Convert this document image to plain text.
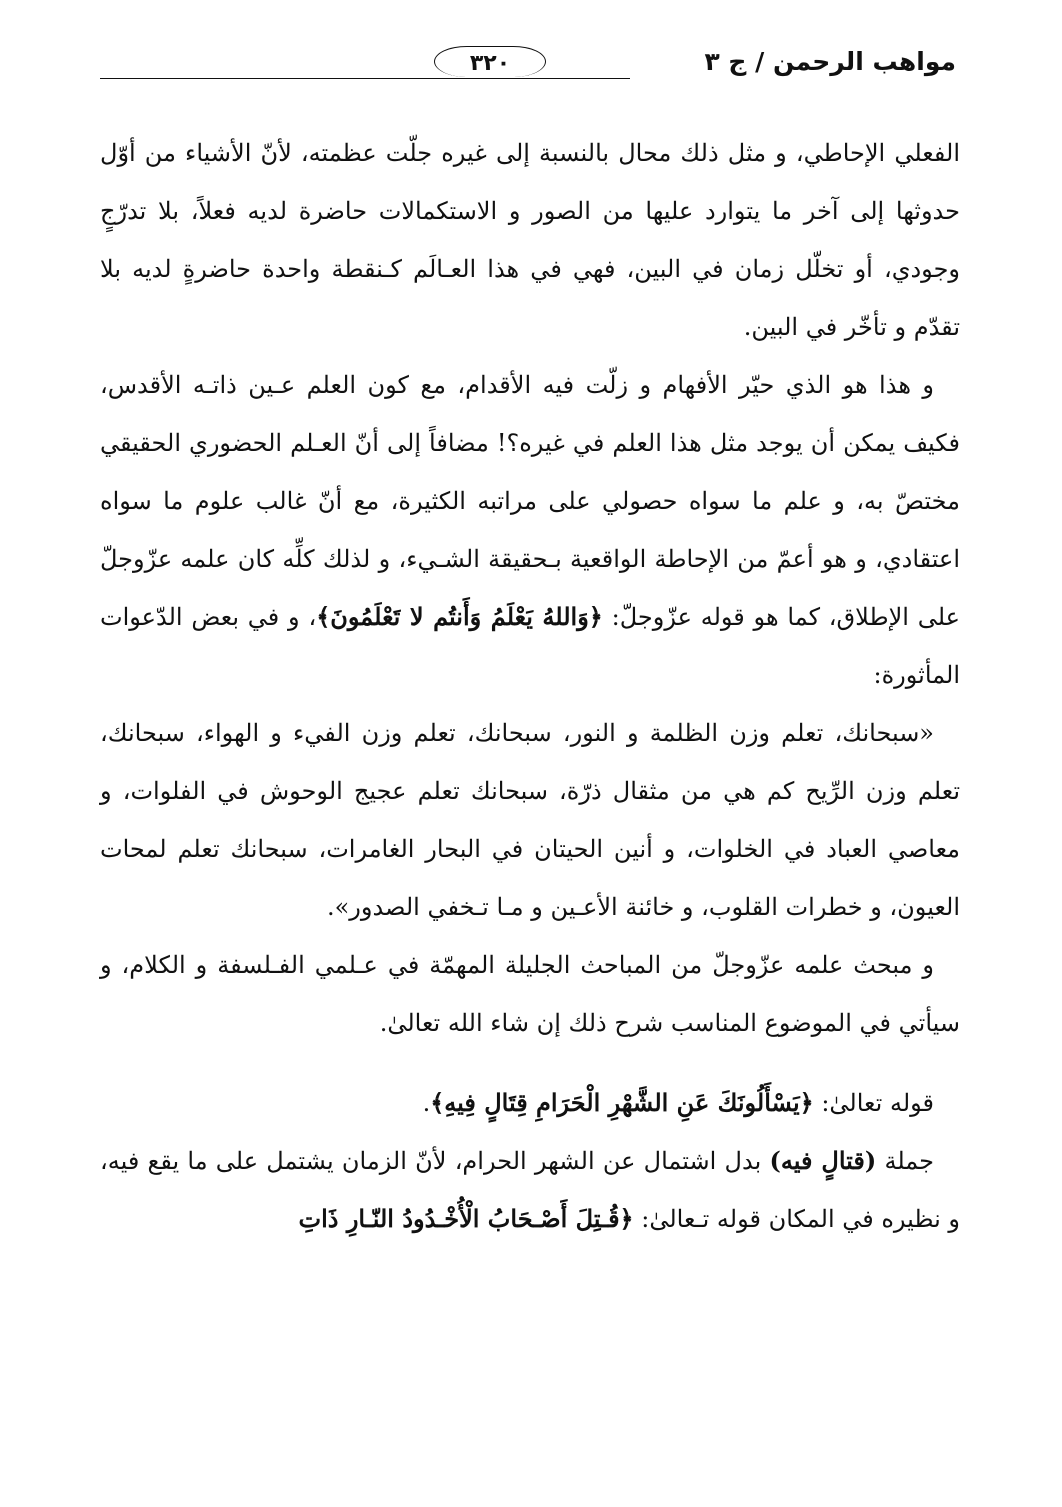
مواهب الرحمن / ج ٣
٣٢٠

الفعلي الإحاطي، و مثل ذلك محال بالنسبة إلى غيره جلّت عظمته، لأنّ الأشياء من أوّل حدوثها إلى آخر ما يتوارد عليها من الصور و الاستكمالات حاضرة لديه فعلاً، بلا تدرّجٍ وجودي، أو تخلّل زمان في البين، فهي في هذا العـالَم كـنقطة واحدة حاضرةٍ لديه بلا تقدّم و تأخّر في البين.

و هذا هو الذي حيّر الأفهام و زلّت فيه الأقدام، مع كون العلم عـين ذاتـه الأقدس، فكيف يمكن أن يوجد مثل هذا العلم في غيره؟! مضافاً إلى أنّ العـلم الحضوري الحقيقي مختصّ به، و علم ما سواه حصولي على مراتبه الكثيرة، مع أنّ غالب علوم ما سواه اعتقادي، و هو أعمّ من الإحاطة الواقعية بـحقيقة الشـيء، و لذلك كلِّه كان علمه عزّوجلّ على الإطلاق، كما هو قوله عزّوجلّ: ﴿وَاللهُ يَعْلَمُ وَأَنتُم لا تَعْلَمُونَ﴾، و في بعض الدّعوات المأثورة:

«سبحانك، تعلم وزن الظلمة و النور، سبحانك، تعلم وزن الفيء و الهواء، سبحانك، تعلم وزن الرِّيح كم هي من مثقال ذرّة، سبحانك تعلم عجيج الوحوش في الفلوات، و معاصي العباد في الخلوات، و أنين الحيتان في البحار الغامرات، سبحانك تعلم لمحات العيون، و خطرات القلوب، و خائنة الأعـين و مـا تـخفي الصدور».

و مبحث علمه عزّوجلّ من المباحث الجليلة المهمّة في عـلمي الفـلسفة و الكلام، و سيأتي في الموضوع المناسب شرح ذلك إن شاء الله تعالىٰ.

قوله تعالىٰ: ﴿يَسْأَلُونَكَ عَنِ الشَّهْرِ الْحَرَامِ قِتَالٍ فِيهِ﴾.

جملة (قتالٍ فيه) بدل اشتمال عن الشهر الحرام، لأنّ الزمان يشتمل على ما يقع فيه، و نظيره في المكان قوله تـعالىٰ: ﴿قُـتِلَ أَصْـحَابُ الْأُخْـدُودُ النّـارِ ذَاتِ
